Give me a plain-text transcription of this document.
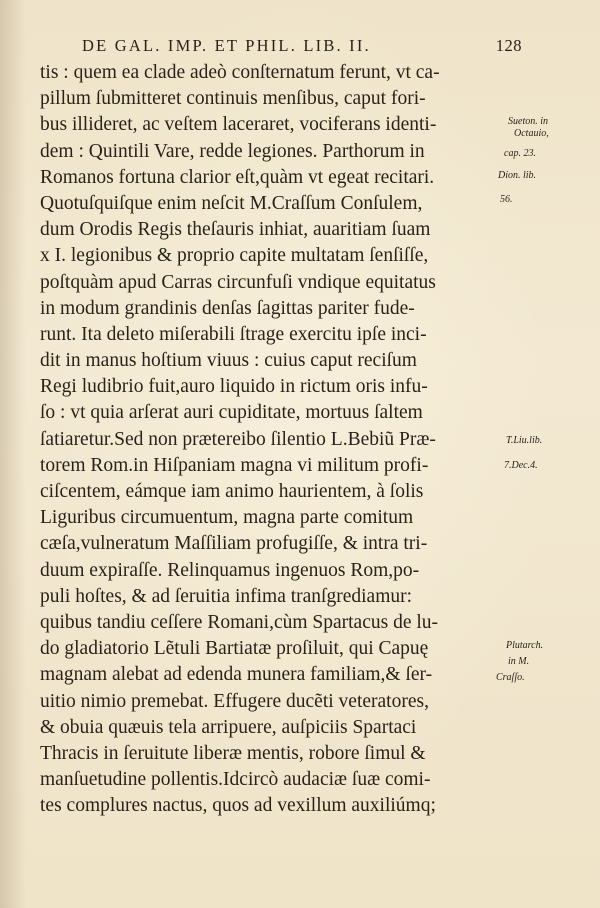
DE GAL. IMP. ET PHIL. LIB. II.	128
tis : quem ea clade adeò conſternatum ferunt, vt ca-
pillum ſubmitteret continuis menſibus, caput fori-
bus illideret, ac veſtem laceraret, vociferans identi-
dem : Quintili Vare, redde legiones. Parthorum in
Romanos fortuna clarior eſt,quàm vt egeat recitari.
Quotuſquiſque enim neſcit M.Craſſum Conſulem,
dum Orodis Regis theſauris inhiat, auaritiam ſuam
x I. legionibus & proprio capite multatam ſenſiſſe,
poſtquàm apud Carras circunfuſi vndique equitatus
in modum grandinis denſas ſagittas pariter fude-
runt. Ita deleto miſerabili ſtrage exercitu ipſe inci-
dit in manus hoſtium viuus : cuius caput reciſum
Regi ludibrio fuit,auro liquido in rictum oris infu-
ſo : vt quia arſerat auri cupiditate, mortuus ſaltem
ſatiaretur.Sed non prætereibo ſilentio L.Bebiũ Præ-
torem Rom.in Hiſpaniam magna vi militum profi-
ciſcentem, eámque iam animo haurientem, à ſolis
Liguribus circumuentum, magna parte comitum
cæſa,vulneratum Maſſiliam profugiſſe, & intra tri-
duum expiraſſe. Relinquamus ingenuos Rom,po-
puli hoſtes, & ad ſeruitia infima tranſgrediamur:
quibus tandiu ceſſere Romani,cùm Spartacus de lu-
do gladiatorio Lẽtuli Bartiatæ proſiluit, qui Capuę
magnam alebat ad edenda munera familiam,& ſer-
uitio nimio premebat. Effugere ducẽti veteratores,
& obuia quæuis tela arripuere, auſpiciis Spartaci
Thracis in ſeruitute liberæ mentis, robore ſimul &
manſuetudine pollentis.Idcircò audaciæ ſuæ comi-
tes complures nactus, quos ad vexillum auxiliúmq;
Sueton. in
Octauio,
cap. 23.
Dion. lib.
56.
T.Liu.lib.
7.Dec.4.
Plutarch.
in M.
Craſſo.
